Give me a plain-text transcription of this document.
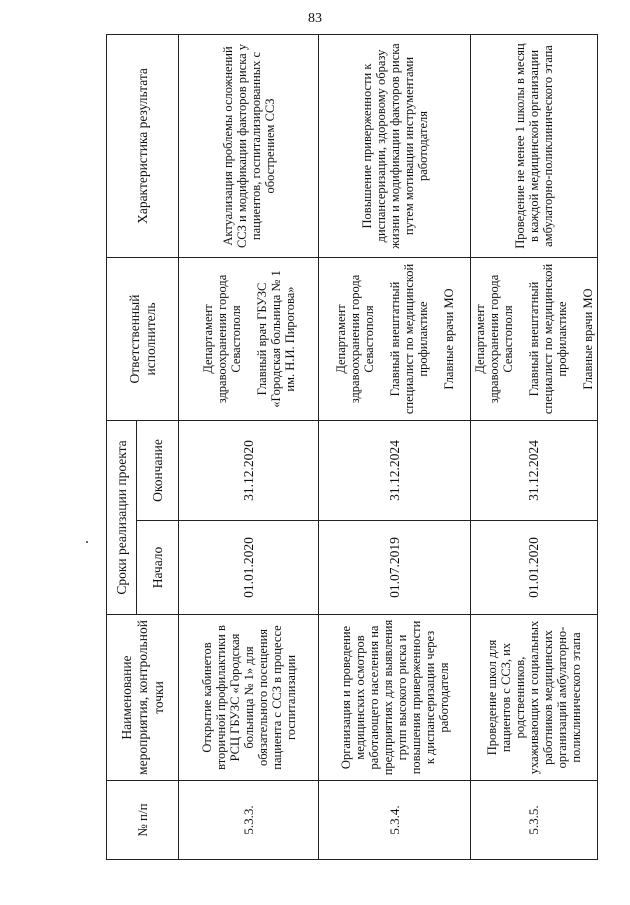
83
№ п/п	Наименование мероприятия, контрольной точки	Сроки реализации проекта		Ответственный исполнитель	Характеристика результата
		Начало	Окончание		
5.3.3.	Открытие кабинетов вторичной профилактики в РСЦ ГБУЗС «Городская больница № 1» для обязательного посещения пациента с ССЗ в процессе госпитализации	01.01.2020	31.12.2020	Департамент здравоохранения города Севастополя Главный врач ГБУЗС «Городская больница № 1 им. Н.И. Пирогова»	Актуализация проблемы осложнений ССЗ и модификации факторов риска у пациентов, госпитализированных с обострением ССЗ
5.3.4.	Организация и проведение медицинских осмотров работающего населения на предприятиях для выявления групп высокого риска и повышения приверженности к диспансеризации через работодателя	01.07.2019	31.12.2024	Департамент здравоохранения города Севастополя Главный внештатный специалист по медицинской профилактике Главные врачи МО	Повышение приверженности к диспансеризации, здоровому образу жизни и модификации факторов риска путем мотивации инструментами работодателя
5.3.5.	Проведение школ для пациентов с ССЗ, их родственников, ухаживающих и социальных работников медицинских организаций амбулаторно-поликлинического этапа	01.01.2020	31.12.2024	Департамент здравоохранения города Севастополя Главный внештатный специалист по медицинской профилактике Главные врачи МО	Проведение не менее 1 школы в месяц в каждой медицинской организации амбулаторно-поликлинического этапа
